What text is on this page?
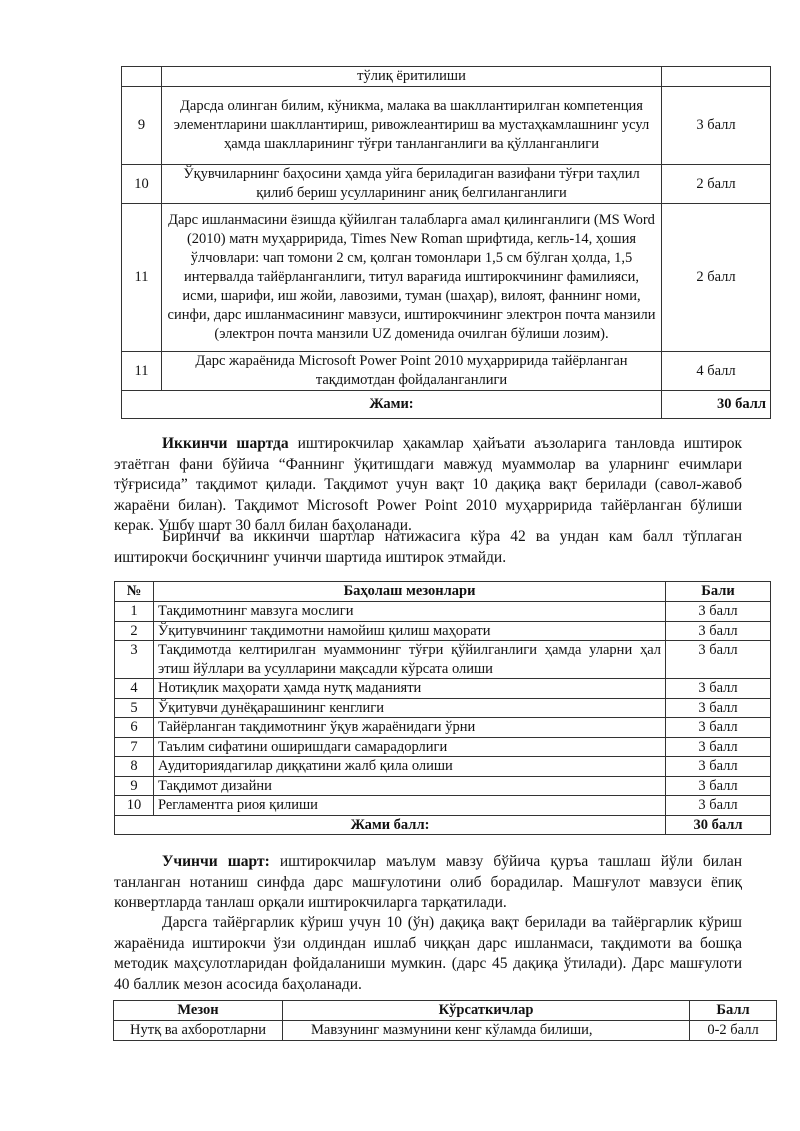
	тўлиқ ёритилиши	
9	Дарсда олинган билим, кўникма, малака ва шакллантирилган компетенция элементларини шакллантириш, ривожлеантириш ва мустаҳкамлашнинг усул ҳамда шаклларининг тўғри танланганлиги ва қўлланганлиги	3 балл
10	Ўқувчиларнинг баҳосини ҳамда уйга бериладиган вазифани тўғри таҳлил қилиб бериш усулларининг аниқ белгиланганлиги	2 балл
11	Дарс ишланмасини ёзишда қўйилган талабларга амал қилинганлиги (MS Word (2010) матн муҳарририда, Times New Roman шрифтида, кегль-14, ҳошия ўлчовлари: чап томони 2 см, қолган томонлари 1,5 см бўлган ҳолда, 1,5 интервалда тайёрланганлиги, титул варағида иштирокчининг фамилияси, исми, шарифи, иш жойи, лавозими, туман (шаҳар), вилоят, фаннинг номи, синфи, дарс ишланмасининг мавзуси, иштирокчининг электрон почта манзили (электрон почта манзили UZ доменида очилган бўлиши лозим).	2 балл
11	Дарс жараёнида Microsoft Power Point 2010 муҳарририда тайёрланган тақдимотдан фойдаланганлиги	4 балл
Жами:		30 балл

Иккинчи шартда иштирокчилар ҳакамлар ҳайъати аъзоларига танловда иштирок этаётган фани бўйича “Фаннинг ўқитишдаги мавжуд муаммолар ва уларнинг ечимлари тўғрисида” тақдимот қилади. Тақдимот учун вақт 10 дақиқа вақт берилади (савол-жавоб жараёни билан). Тақдимот Microsoft Power Point 2010 муҳарририда тайёрланган бўлиши керак. Ушбу шарт 30 балл билан баҳоланади.

Биринчи ва иккинчи шартлар натижасига кўра 42 ва ундан кам балл тўплаган иштирокчи босқичнинг учинчи шартида иштирок этмайди.

№	Баҳолаш мезонлари	Бали
1	Тақдимотнинг мавзуга мослиги	3 балл
2	Ўқитувчининг тақдимотни намойиш қилиш маҳорати	3 балл
3	Тақдимотда келтирилган муаммонинг тўғри қўйилганлиги ҳамда уларни ҳал этиш йўллари ва усулларини мақсадли кўрсата олиши	3 балл
4	Нотиқлик маҳорати ҳамда нутқ маданияти	3 балл
5	Ўқитувчи дунёқарашининг кенглиги	3 балл
6	Тайёрланган тақдимотнинг ўқув жараёнидаги ўрни	3 балл
7	Таълим сифатини оширишдаги самарадорлиги	3 балл
8	Аудиториядагилар диққатини жалб қила олиши	3 балл
9	Тақдимот дизайни	3 балл
10	Регламентга риоя қилиши	3 балл
Жами балл:		30 балл

Учинчи шарт: иштирокчилар маълум мавзу бўйича қуръа ташлаш йўли билан танланган нотаниш синфда дарс машғулотини олиб борадилар. Машғулот мавзуси ёпиқ конвертларда танлаш орқали иштирокчиларга тарқатилади.

Дарсга тайёргарлик кўриш учун 10 (ўн) дақиқа вақт берилади ва тайёргарлик кўриш жараёнида иштирокчи ўзи олдиндан ишлаб чиққан дарс ишланмаси, тақдимоти ва бошқа методик маҳсулотларидан фойдаланиши мумкин. (дарс 45 дақиқа ўтилади). Дарс машғулоти 40 баллик мезон асосида баҳоланади.

Мезон	Кўрсаткичлар	Балл
Нутқ ва ахборотларни	Мавзунинг мазмунини кенг кўламда билиши,	0-2 балл
